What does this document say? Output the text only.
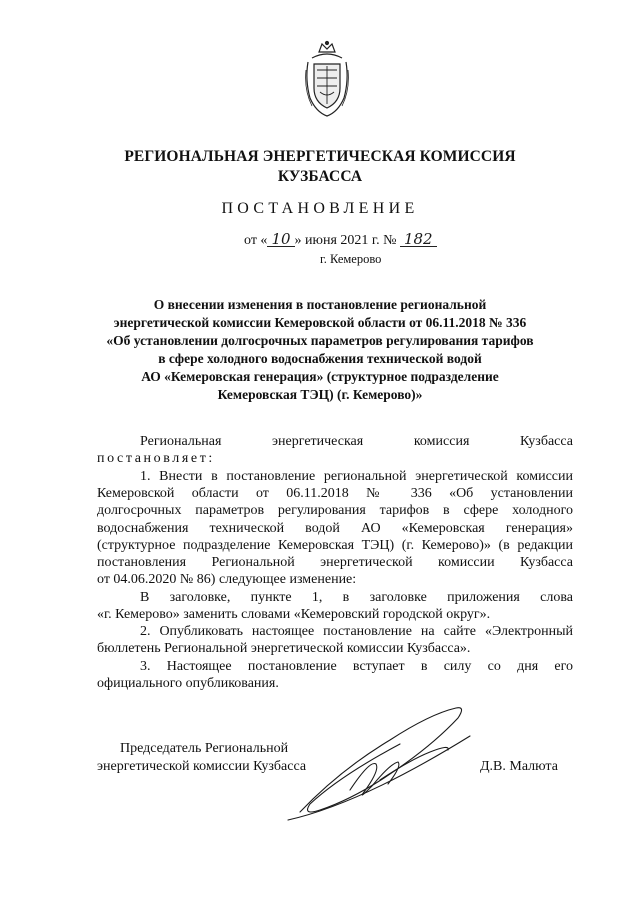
РЕГИОНАЛЬНАЯ ЭНЕРГЕТИЧЕСКАЯ КОМИССИЯ
КУЗБАССА
ПОСТАНОВЛЕНИЕ
от « 10 » июня 2021 г. № 182
г. Кемерово
О внесении изменения в постановление региональной
энергетической комиссии Кемеровской области от 06.11.2018 № 336
«Об установлении долгосрочных параметров регулирования тарифов
в сфере холодного водоснабжения технической водой
АО «Кемеровская генерация» (структурное подразделение
Кемеровская ТЭЦ) (г. Кемерово)»
Региональная энергетическая комиссия Кузбасса
постановляет:
1. Внести в постановление региональной энергетической комиссии
Кемеровской области от 06.11.2018 № 336 «Об установлении
долгосрочных параметров регулирования тарифов в сфере холодного
водоснабжения технической водой АО «Кемеровская генерация»
(структурное подразделение Кемеровская ТЭЦ) (г. Кемерово)» (в редакции
постановления Региональной энергетической комиссии Кузбасса
от 04.06.2020 № 86) следующее изменение:
В заголовке, пункте 1, в заголовке приложения слова
«г. Кемерово» заменить словами «Кемеровский городской округ».
2. Опубликовать настоящее постановление на сайте «Электронный
бюллетень Региональной энергетической комиссии Кузбасса».
3. Настоящее постановление вступает в силу со дня его
официального опубликования.
Председатель Региональной
энергетической комиссии Кузбасса	Д.В. Малюта
